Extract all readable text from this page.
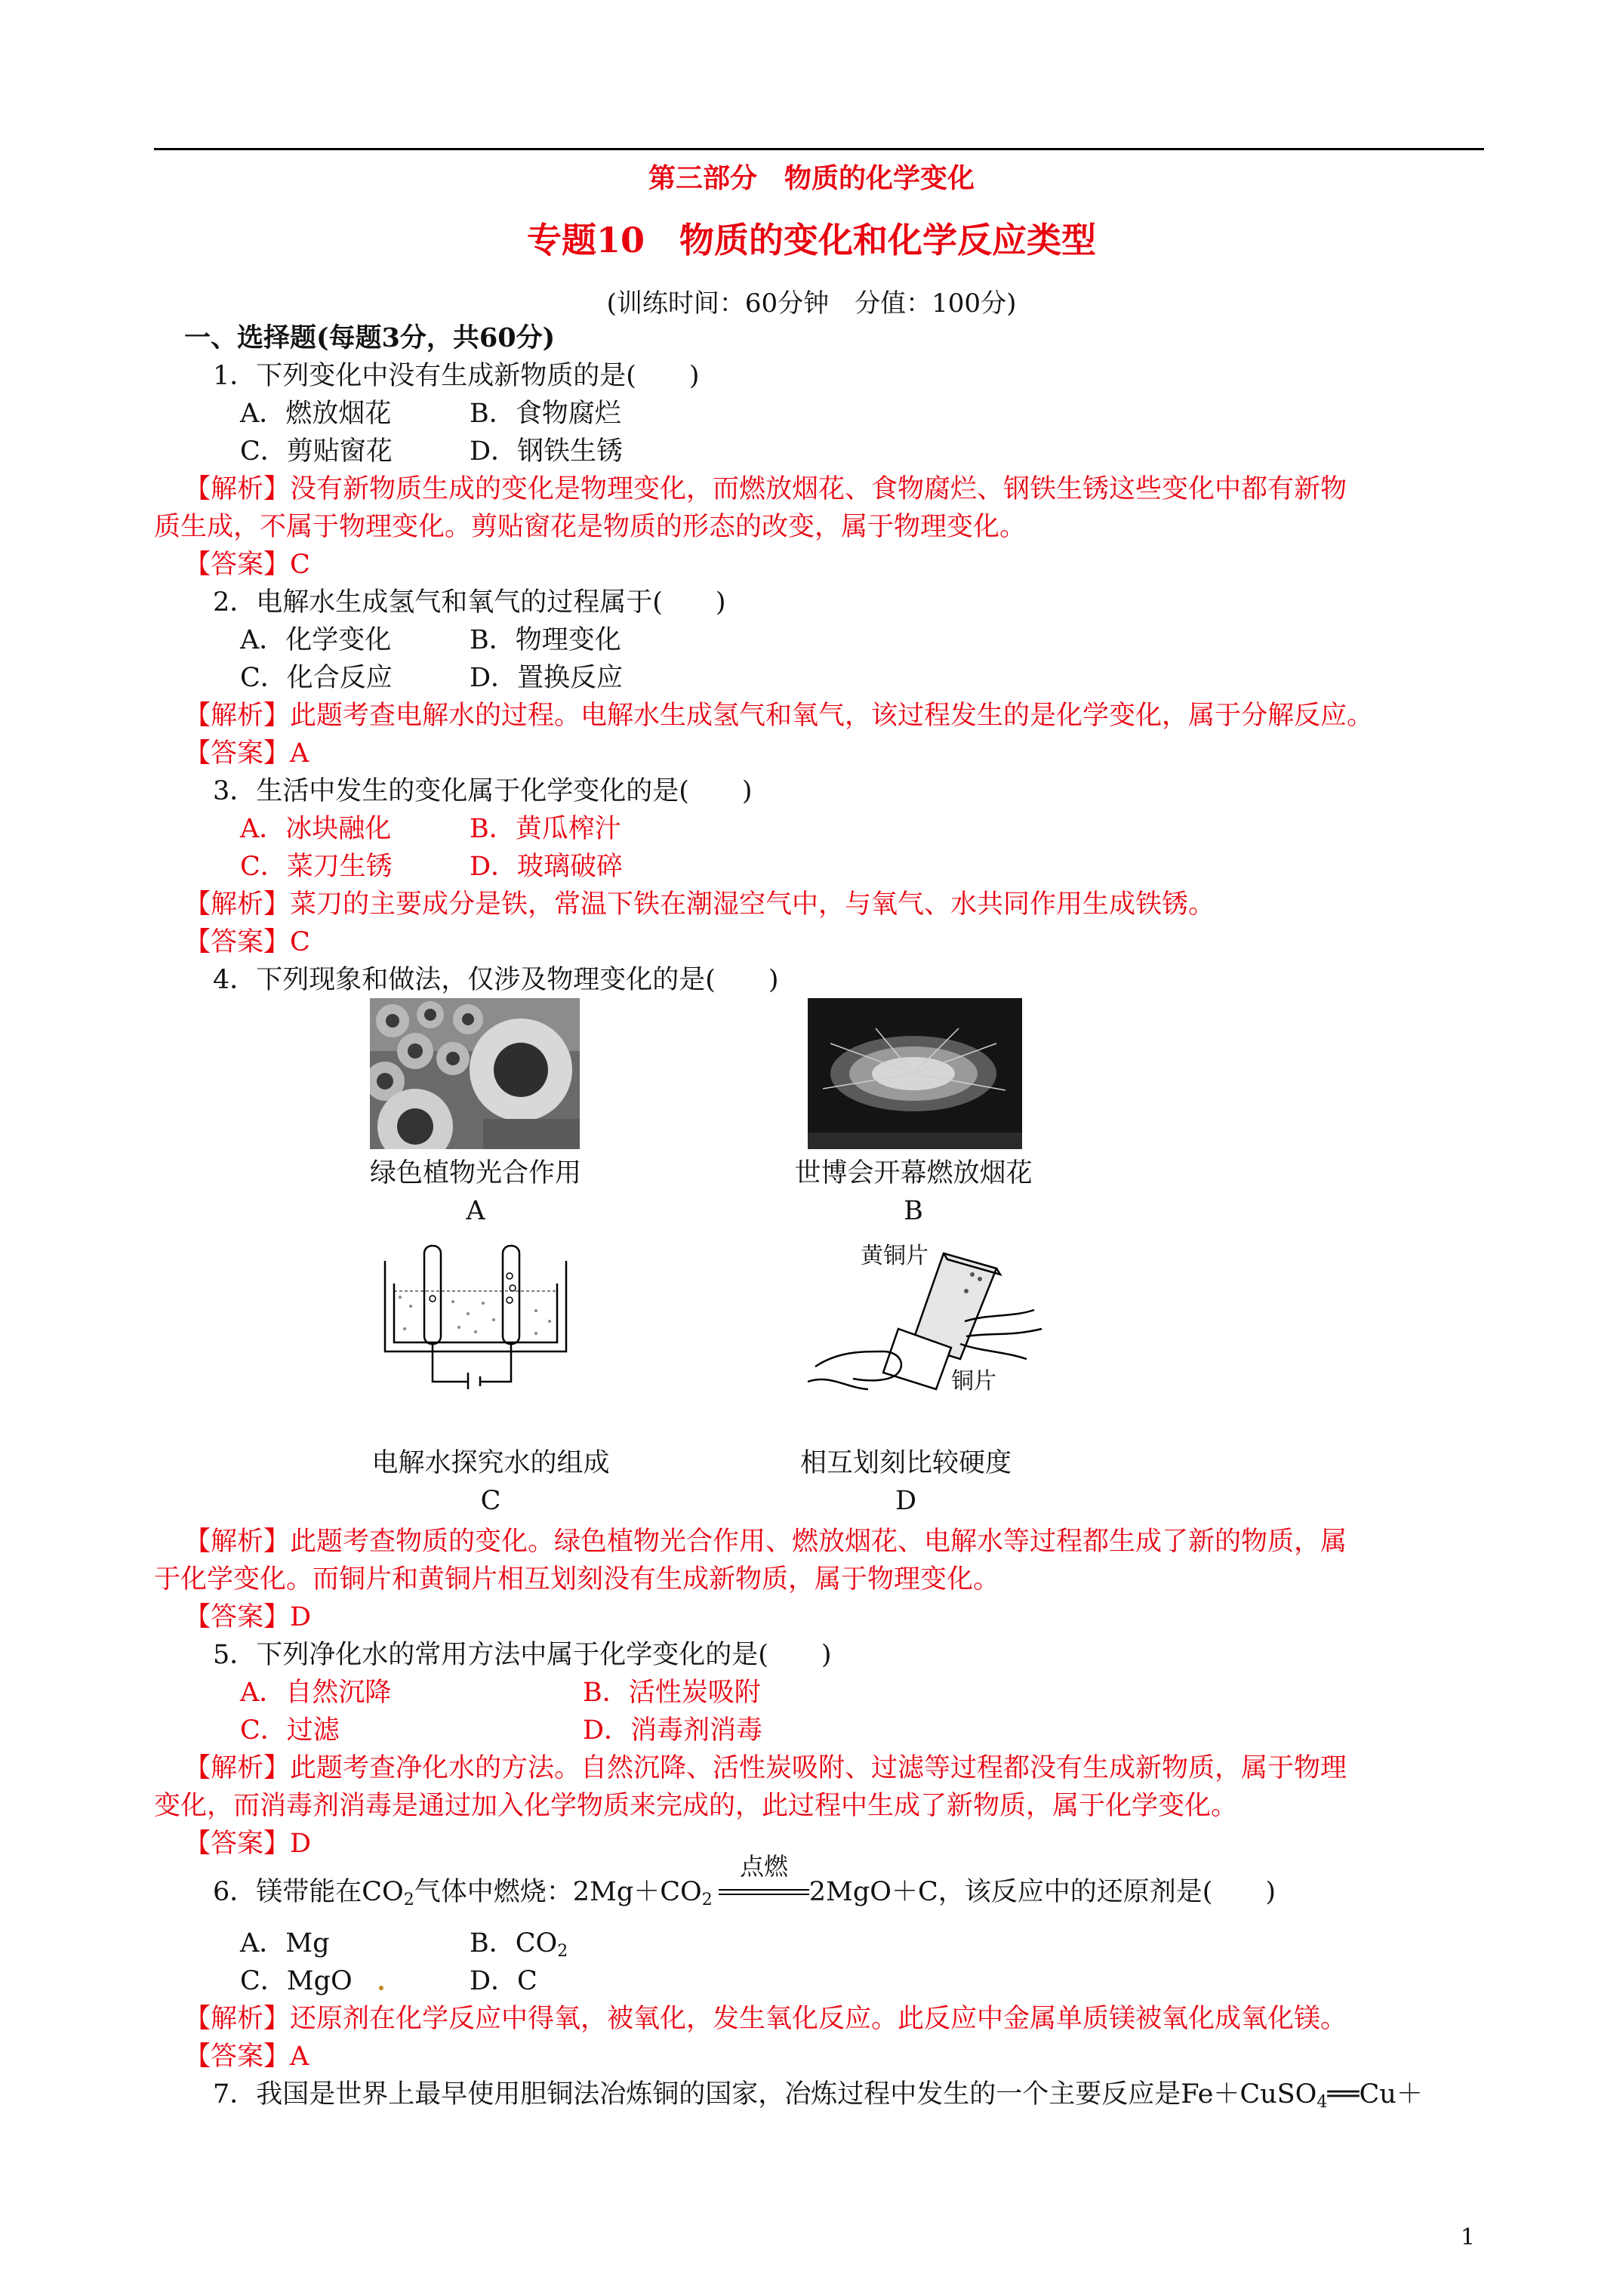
第三部分　物质的化学变化
专题10　物质的变化和化学反应类型
(训练时间：60分钟　分值：100分)
一、选择题(每题3分，共60分)
1．下列变化中没有生成新物质的是(　　)
A．燃放烟花	B．食物腐烂
C．剪贴窗花	D．钢铁生锈
【解析】没有新物质生成的变化是物理变化，而燃放烟花、食物腐烂、钢铁生锈这些变化中都有新物
质生成，不属于物理变化。剪贴窗花是物质的形态的改变，属于物理变化。
【答案】C
2．电解水生成氢气和氧气的过程属于(　　)
A．化学变化	B．物理变化
C．化合反应	D．置换反应
【解析】此题考查电解水的过程。电解水生成氢气和氧气，该过程发生的是化学变化，属于分解反应。
【答案】A
3．生活中发生的变化属于化学变化的是(　　)
A．冰块融化	B．黄瓜榨汁
C．菜刀生锈	D．玻璃破碎
【解析】菜刀的主要成分是铁，常温下铁在潮湿空气中，与氧气、水共同作用生成铁锈。
【答案】C
4．下列现象和做法，仅涉及物理变化的是(　　)
绿色植物光合作用
A
世博会开幕燃放烟花
B
电解水探究水的组成
C
黄铜片
铜片
相互划刻比较硬度
D
【解析】此题考查物质的变化。绿色植物光合作用、燃放烟花、电解水等过程都生成了新的物质，属
于化学变化。而铜片和黄铜片相互划刻没有生成新物质，属于物理变化。
【答案】D
5．下列净化水的常用方法中属于化学变化的是(　　)
A．自然沉降	B．活性炭吸附
C．过滤	D．消毒剂消毒
【解析】此题考查净化水的方法。自然沉降、活性炭吸附、过滤等过程都没有生成新物质，属于物理
变化，而消毒剂消毒是通过加入化学物质来完成的，此过程中生成了新物质，属于化学变化。
【答案】D
6．镁带能在$CO_2$气体中燃烧：$2Mg+CO_2$	2MgO＋C，该反应中的还原剂是(　　)
点燃
A．Mg	B．$CO_2$
C．MgO	D．C
【解析】还原剂在化学反应中得氧，被氧化，发生氧化反应。此反应中金属单质镁被氧化成氧化镁。
【答案】A
7．我国是世界上最早使用胆铜法冶炼铜的国家，冶炼过程中发生的一个主要反应是Fe＋CuSO$_4$══Cu＋
1
